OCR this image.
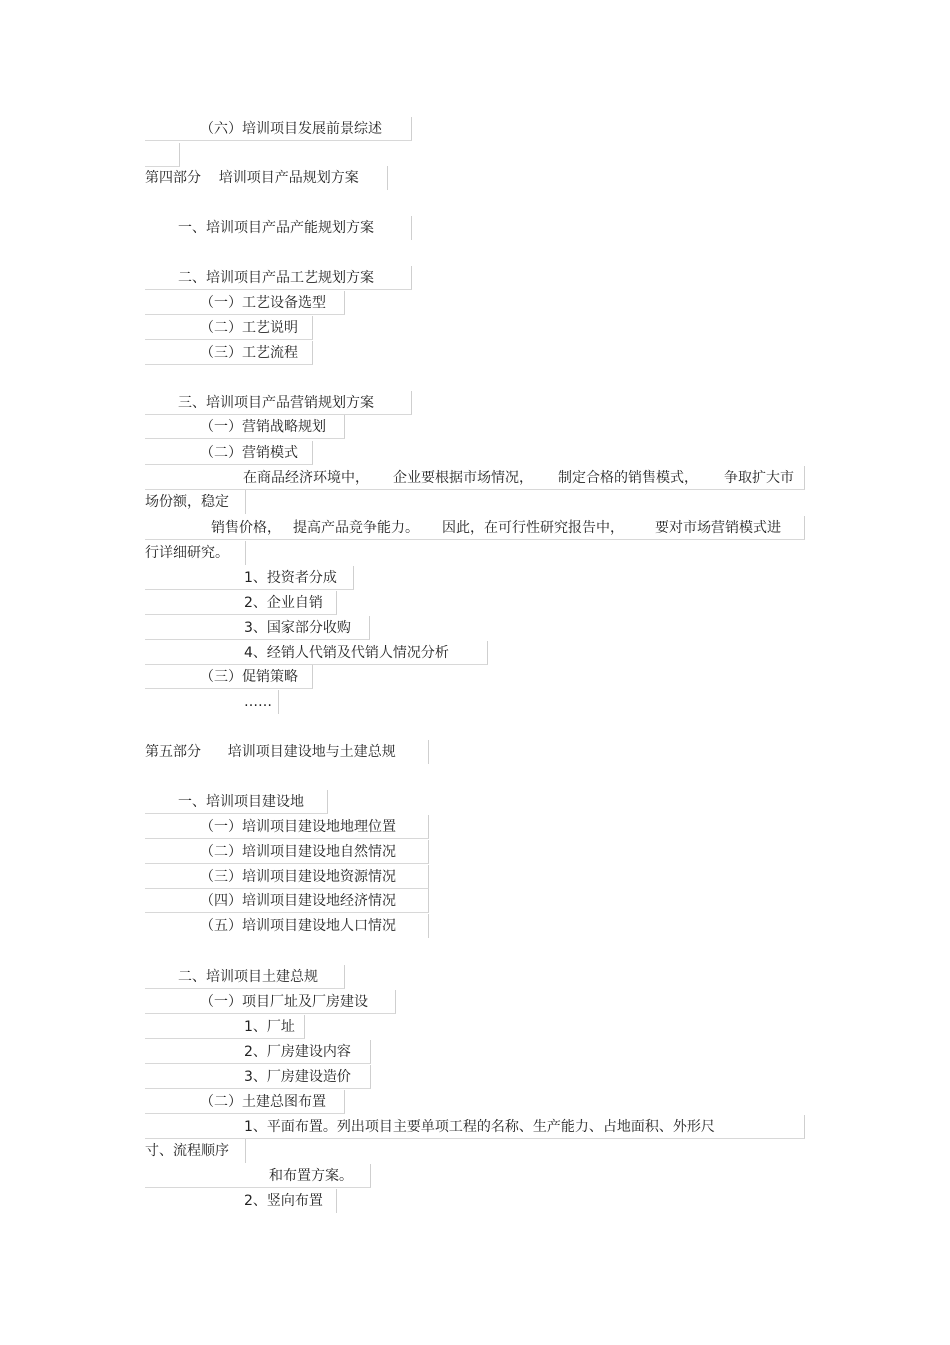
（六）培训项目发展前景综述
第四部分    培训项目产品规划方案
一、培训项目产品产能规划方案
二、培训项目产品工艺规划方案
（一）工艺设备选型
（二）工艺说明
（三）工艺流程
三、培训项目产品营销规划方案
（一）营销战略规划
（二）营销模式

在商品经济环境中，

企业要根据市场情况，

制定合格的销售模式，

争取扩大市

场份额，稳定

销售价格，

提高产品竞争能力。

因此，在可行性研究报告中，

要对市场营销模式进

行详细研究。
1、投资者分成
2、企业自销
3、国家部分收购
4、经销人代销及代销人情况分析
（三）促销策略
……
第五部分      培训项目建设地与土建总规
一、培训项目建设地
（一）培训项目建设地地理位置
（二）培训项目建设地自然情况
（三）培训项目建设地资源情况
（四）培训项目建设地经济情况
（五）培训项目建设地人口情况
二、培训项目土建总规
（一）项目厂址及厂房建设
1、厂址
2、厂房建设内容
3、厂房建设造价
（二）土建总图布置
1、平面布置。列出项目主要单项工程的名称、生产能力、占地面积、外形尺
寸、流程顺序
和布置方案。
2、竖向布置
